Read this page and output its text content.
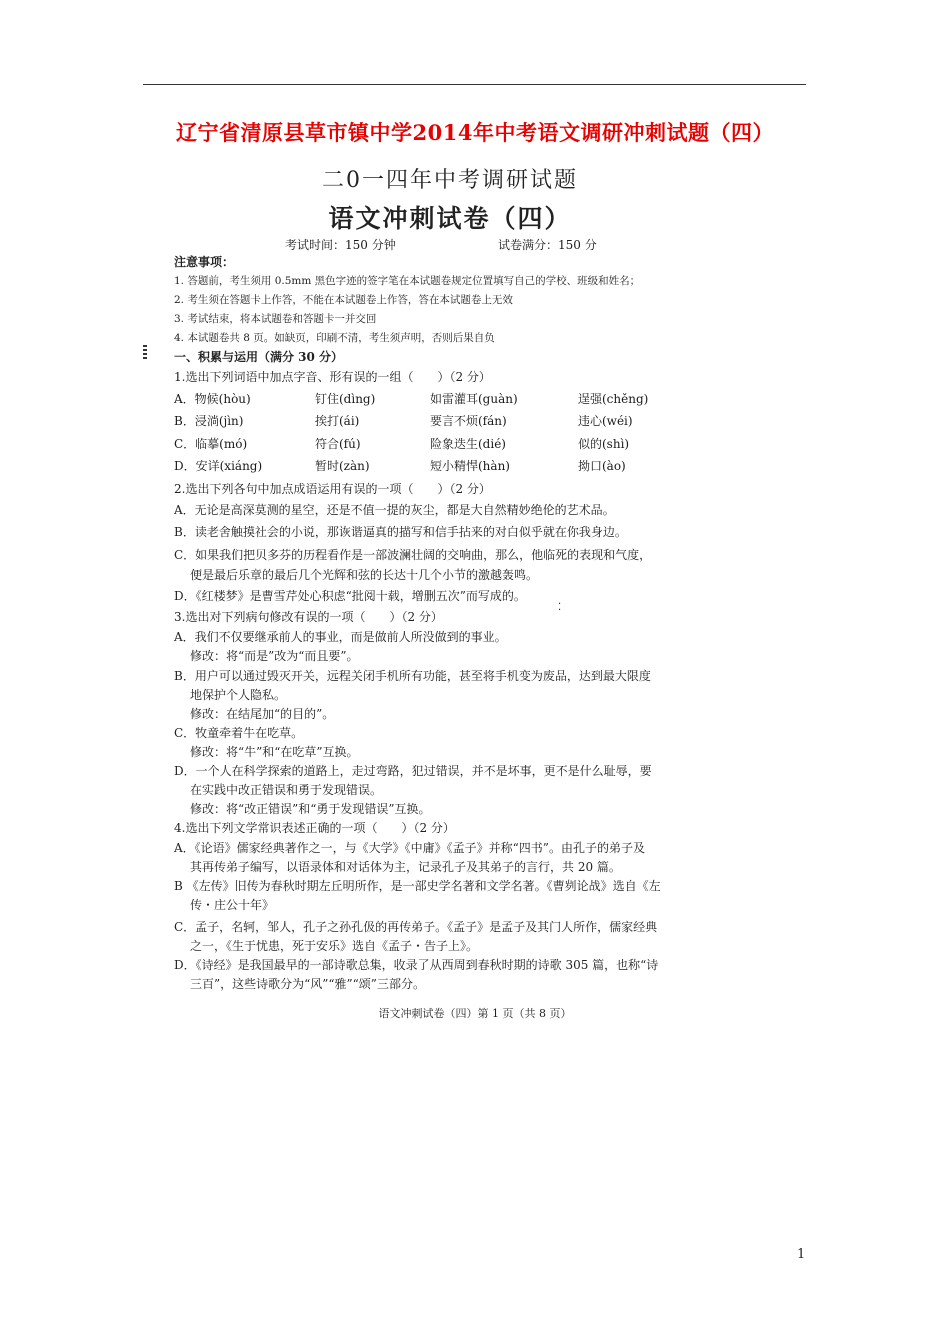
辽宁省清原县草市镇中学2014年中考语文调研冲刺试题（四）
二0一四年中考调研试题
语文冲刺试卷（四）
考试时间：150 分钟	试卷满分：150 分
注意事项：
1. 答题前，考生须用 0.5mm 黑色字迹的签字笔在本试题卷规定位置填写自己的学校、班级和姓名；
2. 考生须在答题卡上作答，不能在本试题卷上作答，答在本试题卷上无效
3. 考试结束，将本试题卷和答题卡一并交回
4. 本试题卷共 8 页。如缺页，印刷不清，考生须声明，否则后果自负
一、积累与运用（满分 30 分）
1.选出下列词语中加点字音、形有误的一组（　　）（2 分）
A．物候(hòu)	钉住(dìng)	如雷灌耳(guàn)	逞强(chěng)
B．浸淌(jìn)	挨打(ái)	要言不烦(fán)	违心(wéi)
C．临摹(mó)	符合(fú)	险象迭生(dié)	似的(shì)
D．安详(xiáng)	暂时(zàn)	短小精悍(hàn)	拗口(ào)
2.选出下列各句中加点成语运用有误的一项（　　）（2 分）
A．无论是高深莫测的星空，还是不值一提的灰尘，都是大自然精妙绝伦的艺术品。
B．读老舍触摸社会的小说，那诙谐逼真的描写和信手拈来的对白似乎就在你我身边。
C．如果我们把贝多芬的历程看作是一部波澜壮阔的交响曲，那么，他临死的表现和气度，
便是最后乐章的最后几个光辉和弦的长达十几个小节的激越轰鸣。
D．《红楼梦》是曹雪芹处心积虑“批阅十载，增删五次”而写成的。
3.选出对下列病句修改有误的一项（　　）（2 分）
⁚
A．我们不仅要继承前人的事业，而是做前人所没做到的事业。
修改：将“而是”改为“而且要”。
B．用户可以通过毁灭开关，远程关闭手机所有功能，甚至将手机变为废品，达到最大限度
地保护个人隐私。
修改：在结尾加“的目的”。
C．牧童牵着牛在吃草。
修改：将“牛”和“在吃草”互换。
D．一个人在科学探索的道路上，走过弯路，犯过错误，并不是坏事，更不是什么耻辱，要
在实践中改正错误和勇于发现错误。
修改：将“改正错误”和“勇于发现错误”互换。
4.选出下列文学常识表述正确的一项（　　）（2 分）
A．《论语》儒家经典著作之一，与《大学》《中庸》《孟子》并称“四书”。由孔子的弟子及
其再传弟子编写，以语录体和对话体为主，记录孔子及其弟子的言行，共 20 篇。
B 《左传》旧传为春秋时期左丘明所作，是一部史学名著和文学名著。《曹刿论战》选自《左
传・庄公十年》
C．孟子，名轲，邹人，孔子之孙孔伋的再传弟子。《孟子》是孟子及其门人所作，儒家经典
之一，《生于忧患，死于安乐》选自《孟子・告子上》。
D．《诗经》是我国最早的一部诗歌总集，收录了从西周到春秋时期的诗歌 305 篇，也称“诗
三百”，这些诗歌分为“风”“雅”“颂”三部分。
语文冲刺试卷（四）第 1 页（共 8 页）
1
